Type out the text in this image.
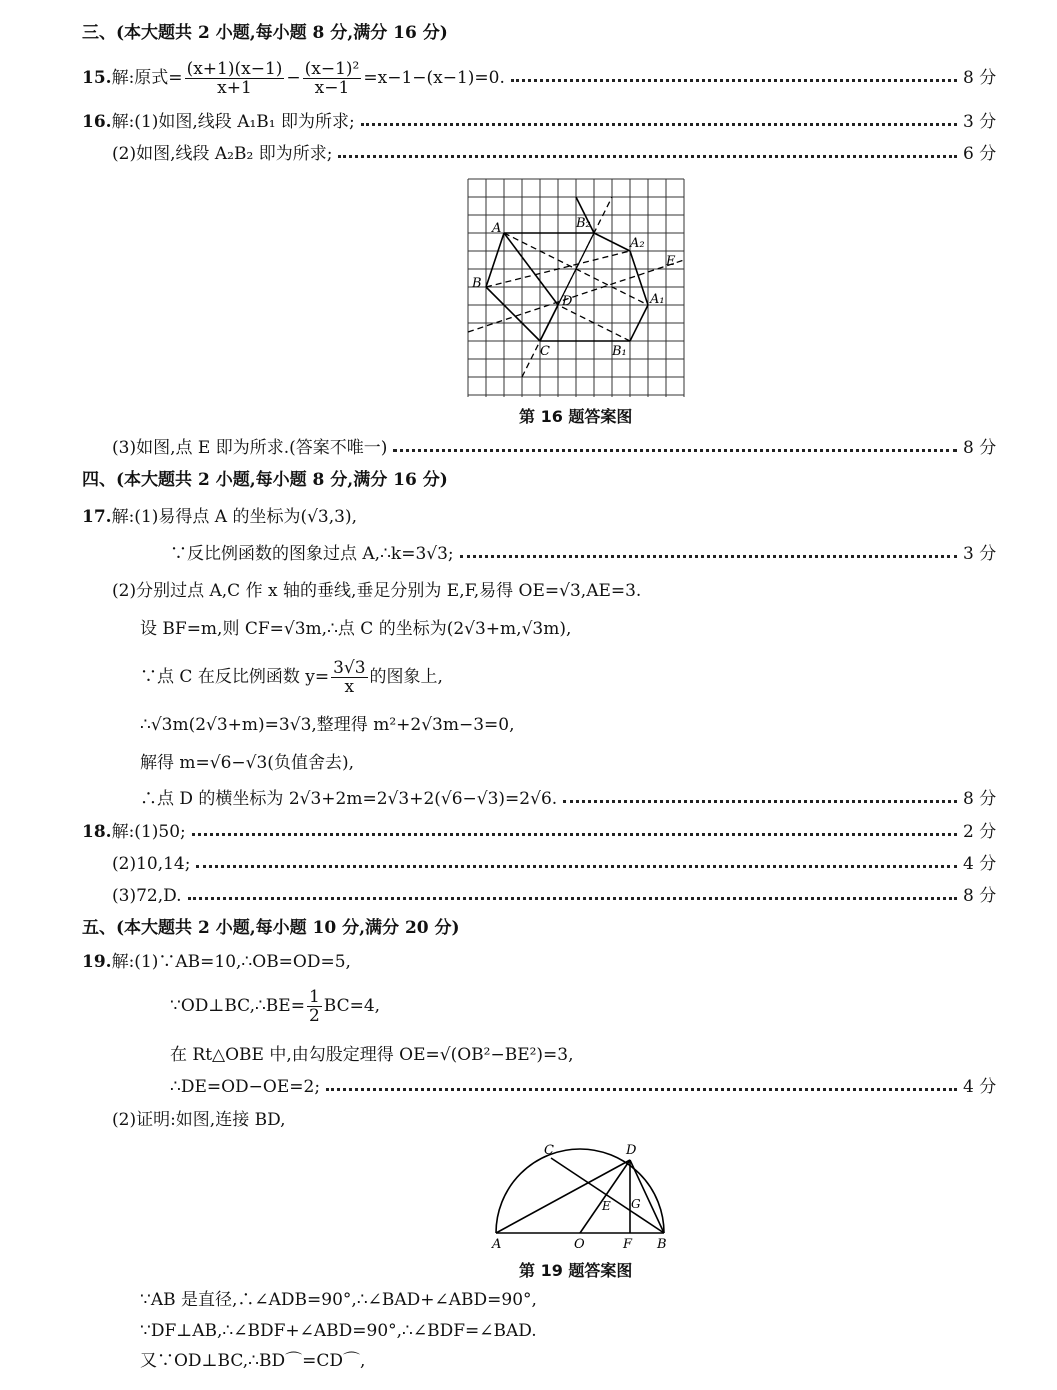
三、(本大题共 2 小题,每小题 8 分,满分 16 分)
15. 解:原式= $\frac{(x+1)(x-1)}{x+1} - \frac{\text{(x−1)²}}{x-1} =x-1-(x-1)=0$.	8 分
16. 解:(1)如图,线段 A₁B₁ 即为所求;	3 分
(2)如图,线段 A₂B₂ 即为所求;	6 分
A
B
C
D	A₁
B₁
A₂
B₂
E
第 16 题答案图
(3)如图,点 E 即为所求.(答案不唯一)	8 分
四、(本大题共 2 小题,每小题 8 分,满分 16 分)
17. 解:(1)易得点 A 的坐标为(√3,3),
∵反比例函数的图象过点 A,∴k=3√3;	3 分
(2)分别过点 A,C 作 x 轴的垂线,垂足分别为 E,F,易得 OE=√3,AE=3.
设 BF=m,则 CF=√3m,∴点 C 的坐标为(2√3+m,√3m),
∵点 C 在反比例函数 $y= \frac{3√3}{x}$ 的图象上,
∴√3m(2√3+m)=3√3,整理得 m²+2√3m−3=0,
解得 m=√6−√3(负值舍去),
∴点 D 的横坐标为 2√3+2m=2√3+2(√6−√3)=2√6.	8 分
18. 解:(1)50;	2 分
(2)10,14;	4 分
(3)72,D.	8 分
五、(本大题共 2 小题,每小题 10 分,满分 20 分)
19. 解:(1)∵AB=10,∴OB=OD=5,
∵OD⊥BC,∴BE= $\frac{1}{2} BC=4$,
在 Rt△OBE 中,由勾股定理得 OE=√(OB²−BE²)=3,
∴DE=OD−OE=2;	4 分
(2)证明:如图,连接 BD,
C	D
E G
A	O	F B
第 19 题答案图
∵AB 是直径,∴∠ADB=90°,∴∠BAD+∠ABD=90°,
∵DF⊥AB,∴∠BDF+∠ABD=90°,∴∠BDF=∠BAD.
又∵OD⊥BC,∴BD⌒=CD⌒,
